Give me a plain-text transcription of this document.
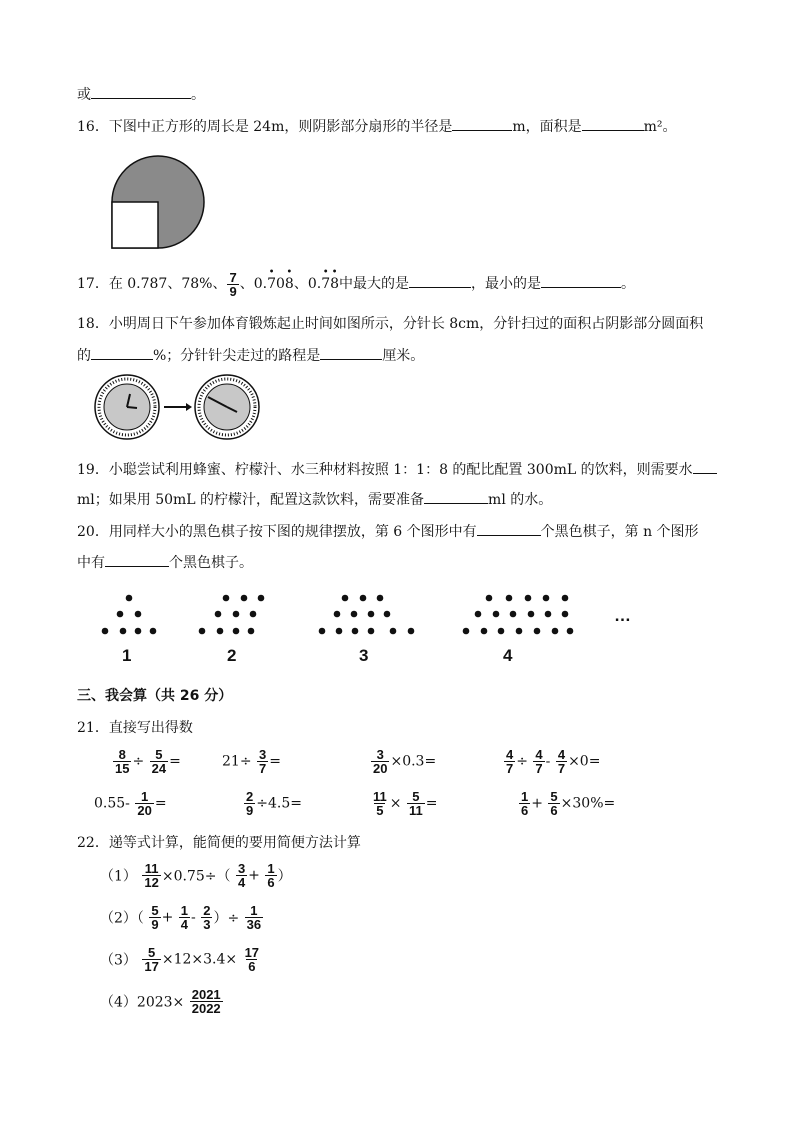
或	。
16．下图中正方形的周长是 24m，则阴影部分扇形的半径是	m，面积是	m²。
17．在 0.787、78%、 $\frac{7}{9}$ 、0.• 70• 8、0.• 7• 8中最大的是	，最小的是	。
18．小明周日下午参加体育锻炼起止时间如图所示，分针长 8cm，分针扫过的面积占阴影部分圆面积
的	%；分针针尖走过的路程是	厘米。
19．小聪尝试利用蜂蜜、柠檬汁、水三种材料按照 1：1：8 的配比配置 300mL 的饮料，则需要水
ml；如果用 50mL 的柠檬汁，配置这款饮料，需要准备	ml 的水。
20．用同样大小的黑色棋子按下图的规律摆放，第 6 个图形中有	个黑色棋子，第 n 个图形
中有	个黑色棋子。
1	2	3	4
…
三、我会算（共 26 分）
21．直接写出得数
$\frac{8}{15} \div \frac{5}{24}$ =	$21\div \frac{3}{7}$ =	$\frac{3}{20} \times 0.3=$	$\frac{4}{7} \div \frac{4}{7} - \frac{4}{7} \times 0=$
$0.55- \frac{1}{20}$ =	$\frac{2}{9} \div 4.5=$	$\frac{11}{5} \times \frac{5}{11}$ =	$\frac{1}{6} + \frac{5}{6} \times 30\%=$
22．递等式计算，能简便的要用简便方法计算
$(1) \frac{11}{12} \times 0.75\div( \frac{3}{4} + \frac{1}{6}$ ）
$(2)( \frac{5}{9} + \frac{1}{4} - \frac{2}{3}$ ）÷ $\frac{1}{36}$
$(3) \frac{5}{17} \times 12\times 3.4\times \frac{17}{6}$
$(4)2023\times \frac{2021}{2022}$
